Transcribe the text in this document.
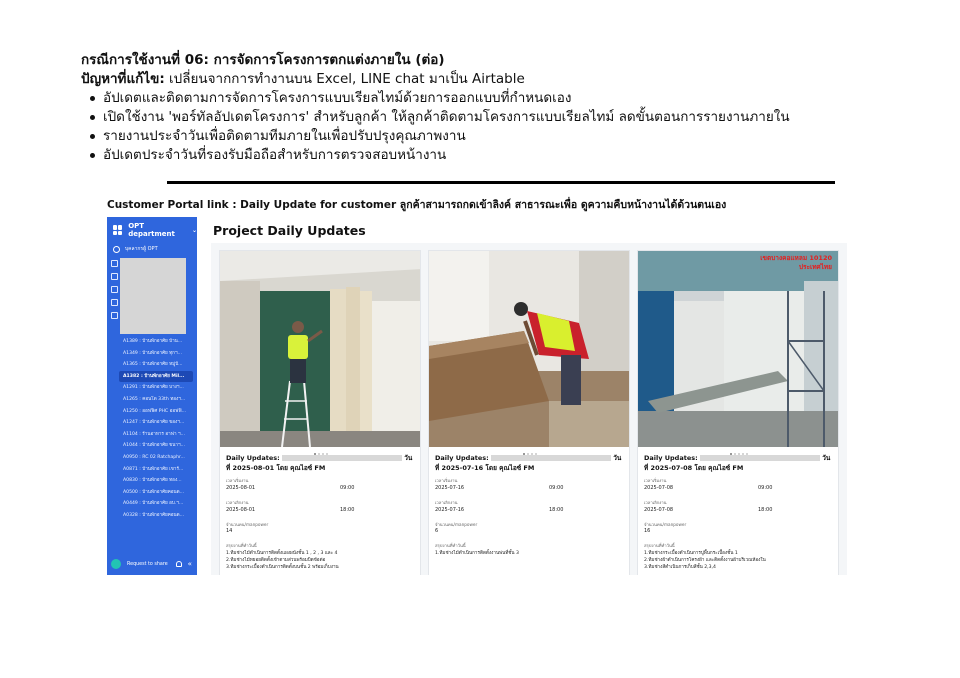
กรณีการใช้งานที่ 06: การจัดการโครงการตกแต่งภายใน (ต่อ)
ปัญหาที่แก้ไข: เปลี่ยนจากการทำงานบน Excel, LINE chat มาเป็น Airtable
อัปเดตและติดตามการจัดการโครงการแบบเรียลไทม์ด้วยการออกแบบที่กำหนดเอง
เปิดใช้งาน 'พอร์ทัลอัปเดตโครงการ' สำหรับลูกค้า ให้ลูกค้าติดตามโครงการแบบเรียลไทม์ ลดขั้นตอนการรายงานภายใน
รายงานประจำวันเพื่อติดตามทีมภายในเพื่อปรับปรุงคุณภาพงาน
อัปเดตประจำวันที่รองรับมือถือสำหรับการตรวจสอบหน้างาน
Customer Portal link : Daily Update for customer ลูกค้าสามารถกดเข้าลิงค์ สาธารณะเพื่อ ดูความคืบหน้างานได้ด้วนตนเอง
OPT department	⌄
บุคลากรผู้ OPT
A1389 : บ้านพักอาศัย บ้าน...
A1349 : บ้านพักอาศัย ทุกฯ...
A1365 : บ้านพักอาศัย หมู่บ้...
A1382 : บ้านพักอาศัย Mil...
A1291 : บ้านพักอาศัย บางฯ...
A1265 : คอนโด 33th ทองฯ...
A1250 : ออฟฟิศ PHC ออฟฟิ...
A1247 : บ้านพักอาศัย ของฯ...
A1104 : ร้านอาหาร อาฟา ฯ...
A1044 : บ้านพักอาศัย ขนาฯ...
A0950 : RC 02 Ratchaphr...
A0871 : บ้านพักอาศัย เขาร์...
A0830 : บ้านพักอาศัย ทอง...
A0500 : บ้านพักอาศัยคอนด...
A0449 : บ้านพักอาศัย อบ.ฯ...
A0328 : บ้านพักอาศัยคอนด...
Request to share	«
Project Daily Updates
Daily Updates:	วัน
ที่ 2025-08-01 โดย คุณไอซ์ FM
เวลาเริ่มงาน
2025-08-01	09:00
เวลาเลิกงาน
2025-08-01	18:00
จำนวนคน/manpower
14
สรุปงานที่ทำวันนี้
1.ทีมช่างไม้ดำเนินการติดตั้งแผงผนังชั้น 1 , 2 , 3 และ 4
2.ทีมช่างไม้ทยอยติดตั้งเข้าตามส่วนพร้อมบิดข้อต่อ
3.ทีมช่างกระเบื้องดำเนินการติดตั้งบนชั้น 2 พร้อมเก็บงาน
Daily Updates:	วัน
ที่ 2025-07-16 โดย คุณไอซ์ FM
เวลาเริ่มงาน
2025-07-16	09:00
เวลาเลิกงาน
2025-07-16	18:00
จำนวนคน/manpower
6
สรุปงานที่ทำวันนี้
1.ทีมช่างไม้ดำเนินการติดตั้งงานพ่นที่ชั้น 3
เขตบางคอแหลม 10120
ประเทศไทย
Daily Updates:	วัน
ที่ 2025-07-08 โดย คุณไอซ์ FM
เวลาเริ่มงาน
2025-07-08	09:00
เวลาเลิกงาน
2025-07-08	18:00
จำนวนคน/manpower
16
สรุปงานที่ทำวันนี้
1.ทีมช่างกระเบื้องดำเนินการปูพื้นกระเบื้องชั้น 1
2.ทีมช่างฝ้าดำเนินการโครงฝ้า และติดตั้งงานฝ้าบริเวณห้องใน
3.ทีมช่างสีดำเนินการเก็บสีชั้น 2,3,4
